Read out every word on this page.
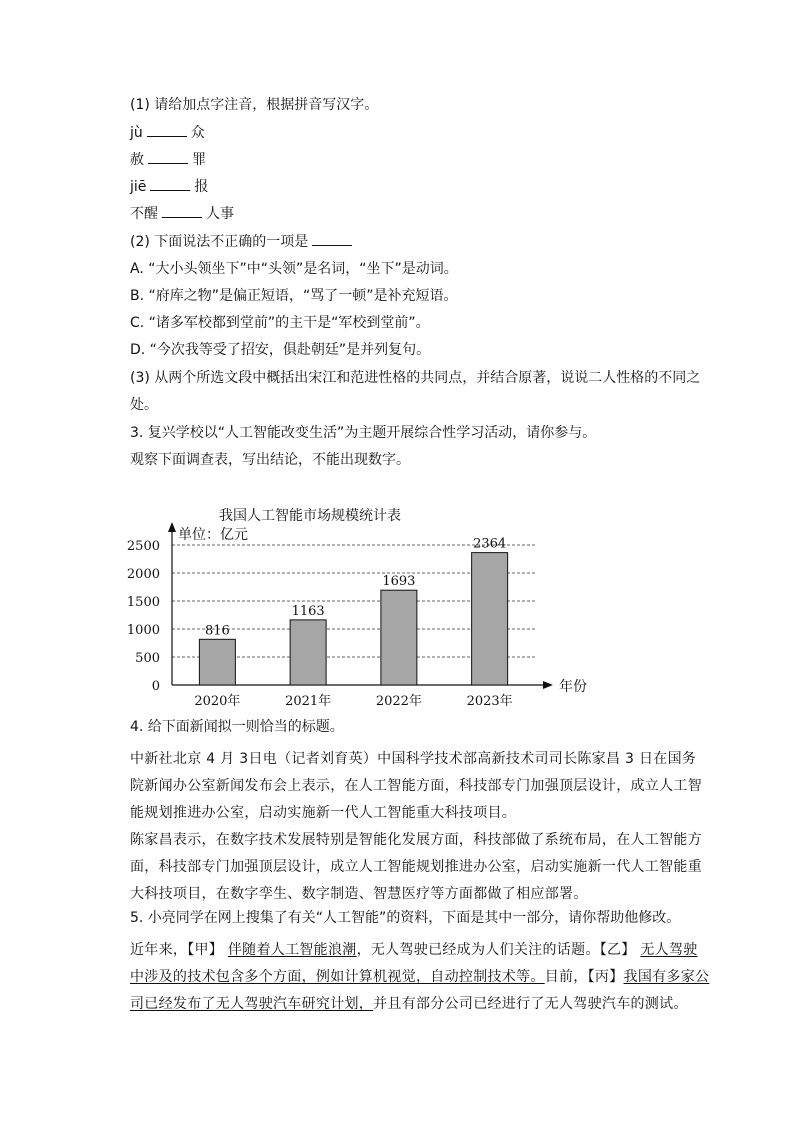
(1) 请给加点字注音，根据拼音写汉字。
jù	众
赦	罪
jiē	报
不醒	人事
(2) 下面说法不正确的一项是
A. “大小头领坐下”中“头领”是名词，“坐下”是动词。
B. “府库之物”是偏正短语，“骂了一顿”是补充短语。
C. “诸多军校都到堂前”的主干是“军校到堂前”。
D. “今次我等受了招安，俱赴朝廷”是并列复句。
(3) 从两个所选文段中概括出宋江和范进性格的共同点，并结合原著，说说二人性格的不同之
处。
3. 复兴学校以“人工智能改变生活”为主题开展综合性学习活动，请你参与。
观察下面调查表，写出结论，不能出现数字。
我国人工智能市场规模统计表
0
500
1000
1500
2000
2500
单位：亿元
年份
816
2020年
1163
2021年
1693
2022年
2364
2023年
4. 给下面新闻拟一则恰当的标题。
中新社北京 4 月 3日电（记者刘育英）中国科学技术部高新技术司司长陈家昌 3 日在国务院新闻办公室新闻发布会上表示，在人工智能方面，科技部专门加强顶层设计，成立人工智能规划推进办公室，启动实施新一代人工智能重大科技项目。
陈家昌表示，在数字技术发展特别是智能化发展方面，科技部做了系统布局，在人工智能方面，科技部专门加强顶层设计，成立人工智能规划推进办公室，启动实施新一代人工智能重大科技项目，在数字孪生、数字制造、智慧医疗等方面都做了相应部署。
5. 小亮同学在网上搜集了有关“人工智能”的资料，下面是其中一部分，请你帮助他修改。
近年来，【甲】 伴随着人工智能浪潮，无人驾驶已经成为人们关注的话题。【乙】 无人驾驶中涉及的技术包含多个方面，例如计算机视觉，自动控制技术等。目前，【丙】我国有多家公司已经发布了无人驾驶汽车研究计划，并且有部分公司已经进行了无人驾驶汽车的测试。
